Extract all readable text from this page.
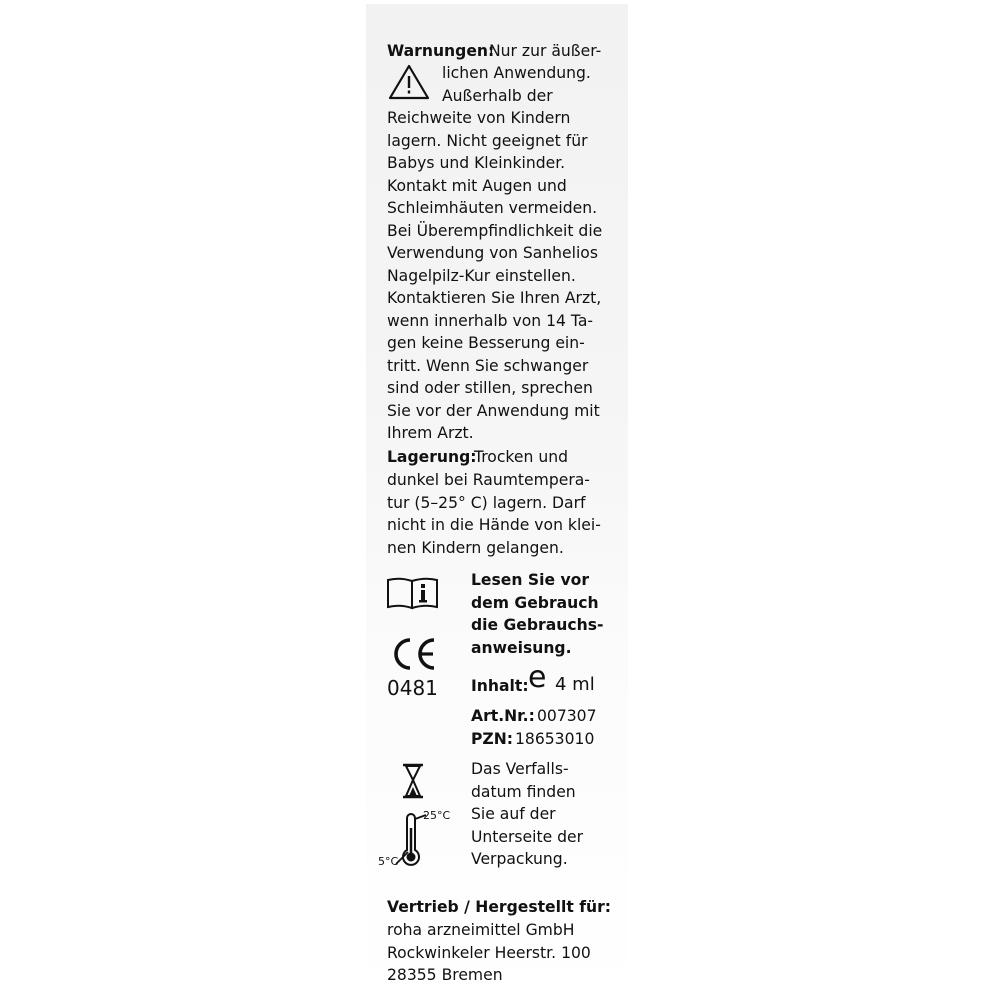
Warnungen:
Nur zur äußer-
lichen Anwendung.
Außerhalb der
Reichweite von Kindern
lagern. Nicht geeignet für
Babys und Kleinkinder.
Kontakt mit Augen und
Schleimhäuten vermeiden.
Bei Überempfindlichkeit die
Verwendung von Sanhelios
Nagelpilz-Kur einstellen.
Kontaktieren Sie Ihren Arzt,
wenn innerhalb von 14 Ta-
gen keine Besserung ein-
tritt. Wenn Sie schwanger
sind oder stillen, sprechen
Sie vor der Anwendung mit
Ihrem Arzt.
Lagerung:
Trocken und
dunkel bei Raumtempera-
tur (5–25° C) lagern. Darf
nicht in die Hände von klei-
nen Kindern gelangen.
Lesen Sie vor
dem Gebrauch
die Gebrauchs-
anweisung.
0481 Inhalt: e 4 ml
Art.Nr.: 007307
PZN: 18653010
Das Verfalls-
datum finden
Sie auf der
Unterseite der
Verpackung.
25°C
5°C
Vertrieb / Hergestellt für:
roha arzneimittel GmbH
Rockwinkeler Heerstr. 100
28355 Bremen
